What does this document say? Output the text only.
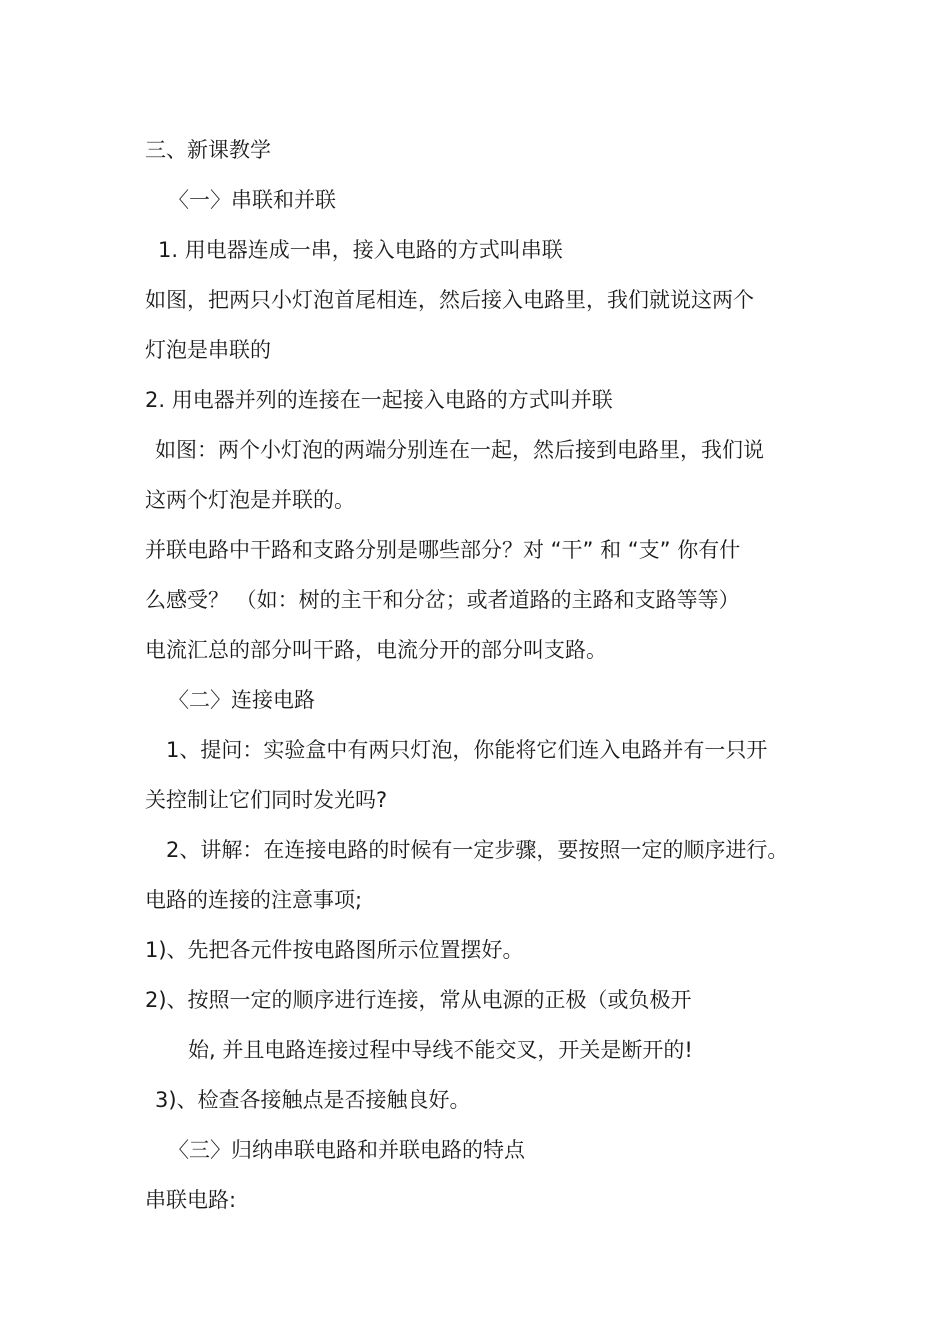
三、新课教学
〈一〉串联和并联
1. 用电器连成一串，接入电路的方式叫串联
如图，把两只小灯泡首尾相连，然后接入电路里，我们就说这两个
灯泡是串联的
2. 用电器并列的连接在一起接入电路的方式叫并联
如图：两个小灯泡的两端分别连在一起，然后接到电路里，我们说
这两个灯泡是并联的。
并联电路中干路和支路分别是哪些部分？对 “干” 和 “支” 你有什
么感受？ （如：树的主干和分岔；或者道路的主路和支路等等）
电流汇总的部分叫干路，电流分开的部分叫支路。
〈二〉连接电路
1、提问：实验盒中有两只灯泡，你能将它们连入电路并有一只开
关控制让它们同时发光吗?
2、讲解：在连接电路的时候有一定步骤，要按照一定的顺序进行。
电路的连接的注意事项;
1)、先把各元件按电路图所示位置摆好。
2)、按照一定的顺序进行连接，常从电源的正极（或负极开
始, 并且电路连接过程中导线不能交叉，开关是断开的!
3)、检查各接触点是否接触良好。
〈三〉归纳串联电路和并联电路的特点
串联电路:
